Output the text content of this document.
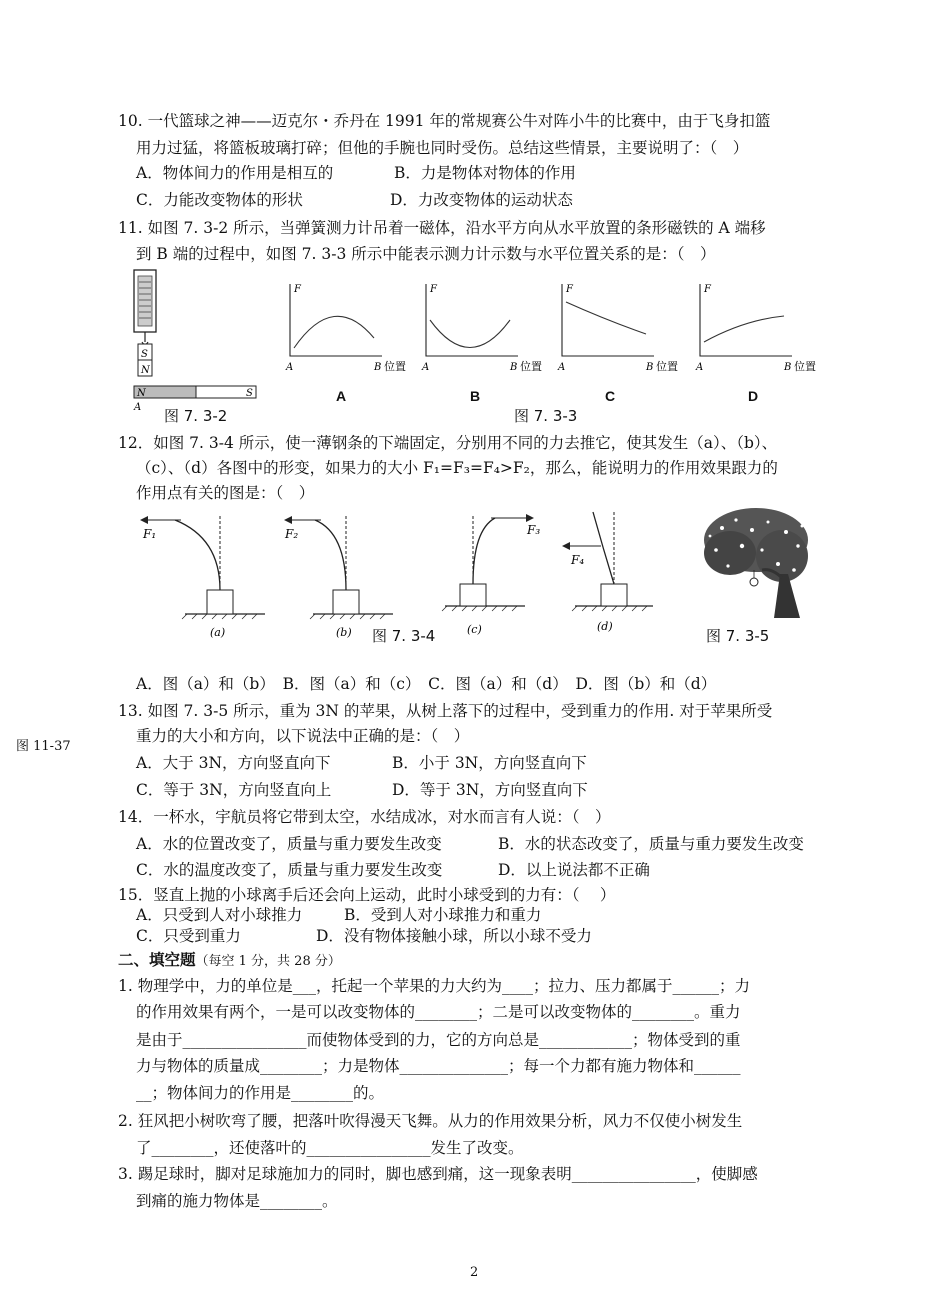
10. 一代篮球之神——迈克尔・乔丹在 1991 年的常规赛公牛对阵小牛的比赛中，由于飞身扣篮
用力过猛，将篮板玻璃打碎；但他的手腕也同时受伤。总结这些情景，主要说明了：（　）
A．物体间力的作用是相互的	B．力是物体对物体的作用
C．力能改变物体的形状	D．力改变物体的运动状态
11. 如图 7. 3-2 所示，当弹簧测力计吊着一磁体，沿水平方向从水平放置的条形磁铁的 A 端移
到 B 端的过程中，如图 7. 3-3 所示中能表示测力计示数与水平位置关系的是：（　）
S
N
N	S
A 图 7. 3-2
F
A	B 位置
F
A	B 位置
F
A	B 位置
F
A	B 位置
A	B	C	D
图 7. 3-3
12．如图 7. 3-4 所示，使一薄钢条的下端固定，分别用不同的力去推它，使其发生（a）、（b）、
（c）、（d）各图中的形变，如果力的大小 F₁=F₃=F₄>F₂，那么，能说明力的作用效果跟力的
作用点有关的图是：（　）
F₁
(a)
F₂
(b)
F₃
(c)
F₄
(d)
图 7. 3-4	图 7. 3-5
A．图（a）和（b）　B．图（a）和（c）　C．图（a）和（d）　D．图（b）和（d）
图 11-37
13. 如图 7. 3-5 所示，重为 3N 的苹果，从树上落下的过程中，受到重力的作用. 对于苹果所受
重力的大小和方向，以下说法中正确的是：（　）
A．大于 3N，方向竖直向下	B．小于 3N，方向竖直向下
C．等于 3N，方向竖直向上	D．等于 3N，方向竖直向下
14．一杯水，宇航员将它带到太空，水结成冰，对水而言有人说：（　）
A．水的位置改变了，质量与重力要发生改变	B．水的状态改变了，质量与重力要发生改变
C．水的温度改变了，质量与重力要发生改变	D．以上说法都不正确
15．竖直上抛的小球离手后还会向上运动，此时小球受到的力有：（　 ）
A．只受到人对小球推力	B．受到人对小球推力和重力
C．只受到重力	D．没有物体接触小球，所以小球不受力
二、填空题（每空 1 分，共 28 分）
1. 物理学中，力的单位是___，托起一个苹果的力大约为____；拉力、压力都属于______；力
的作用效果有两个，一是可以改变物体的________；二是可以改变物体的________。重力
是由于________________而使物体受到的力，它的方向总是____________；物体受到的重
力与物体的质量成________；力是物体______________；每一个力都有施力物体和______
__；物体间力的作用是________的。
2. 狂风把小树吹弯了腰，把落叶吹得漫天飞舞。从力的作用效果分析，风力不仅使小树发生
了________，还使落叶的________________发生了改变。
3. 踢足球时，脚对足球施加力的同时，脚也感到痛，这一现象表明________________，使脚感
到痛的施力物体是________。
2
